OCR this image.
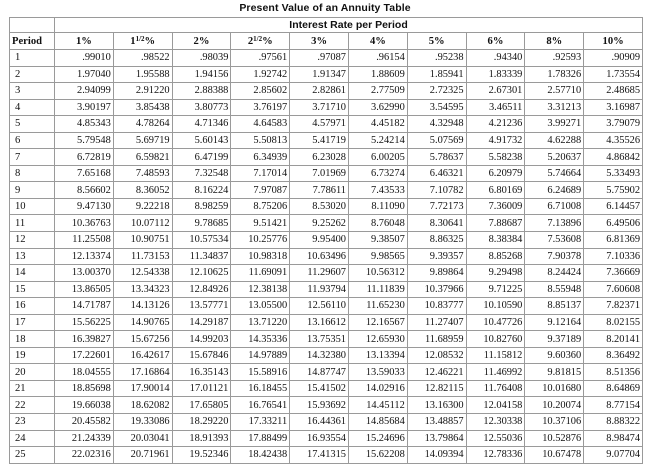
Present Value of an Annuity Table
	Interest Rate per Period									
Period	1%	$1^{1/2}\%$	2%	$2^{1/2}\%$	3%	4%	5%	6%	8%	10%
1	.99010	.98522	.98039	.97561	.97087	.96154	.95238	.94340	.92593	.90909
2	1.97040	1.95588	1.94156	1.92742	1.91347	1.88609	1.85941	1.83339	1.78326	1.73554
3	2.94099	2.91220	2.88388	2.85602	2.82861	2.77509	2.72325	2.67301	2.57710	2.48685
4	3.90197	3.85438	3.80773	3.76197	3.71710	3.62990	3.54595	3.46511	3.31213	3.16987
5	4.85343	4.78264	4.71346	4.64583	4.57971	4.45182	4.32948	4.21236	3.99271	3.79079
6	5.79548	5.69719	5.60143	5.50813	5.41719	5.24214	5.07569	4.91732	4.62288	4.35526
7	6.72819	6.59821	6.47199	6.34939	6.23028	6.00205	5.78637	5.58238	5.20637	4.86842
8	7.65168	7.48593	7.32548	7.17014	7.01969	6.73274	6.46321	6.20979	5.74664	5.33493
9	8.56602	8.36052	8.16224	7.97087	7.78611	7.43533	7.10782	6.80169	6.24689	5.75902
10	9.47130	9.22218	8.98259	8.75206	8.53020	8.11090	7.72173	7.36009	6.71008	6.14457
11	10.36763	10.07112	9.78685	9.51421	9.25262	8.76048	8.30641	7.88687	7.13896	6.49506
12	11.25508	10.90751	10.57534	10.25776	9.95400	9.38507	8.86325	8.38384	7.53608	6.81369
13	12.13374	11.73153	11.34837	10.98318	10.63496	9.98565	9.39357	8.85268	7.90378	7.10336
14	13.00370	12.54338	12.10625	11.69091	11.29607	10.56312	9.89864	9.29498	8.24424	7.36669
15	13.86505	13.34323	12.84926	12.38138	11.93794	11.11839	10.37966	9.71225	8.55948	7.60608
16	14.71787	14.13126	13.57771	13.05500	12.56110	11.65230	10.83777	10.10590	8.85137	7.82371
17	15.56225	14.90765	14.29187	13.71220	13.16612	12.16567	11.27407	10.47726	9.12164	8.02155
18	16.39827	15.67256	14.99203	14.35336	13.75351	12.65930	11.68959	10.82760	9.37189	8.20141
19	17.22601	16.42617	15.67846	14.97889	14.32380	13.13394	12.08532	11.15812	9.60360	8.36492
20	18.04555	17.16864	16.35143	15.58916	14.87747	13.59033	12.46221	11.46992	9.81815	8.51356
21	18.85698	17.90014	17.01121	16.18455	15.41502	14.02916	12.82115	11.76408	10.01680	8.64869
22	19.66038	18.62082	17.65805	16.76541	15.93692	14.45112	13.16300	12.04158	10.20074	8.77154
23	20.45582	19.33086	18.29220	17.33211	16.44361	14.85684	13.48857	12.30338	10.37106	8.88322
24	21.24339	20.03041	18.91393	17.88499	16.93554	15.24696	13.79864	12.55036	10.52876	8.98474
25	22.02316	20.71961	19.52346	18.42438	17.41315	15.62208	14.09394	12.78336	10.67478	9.07704
